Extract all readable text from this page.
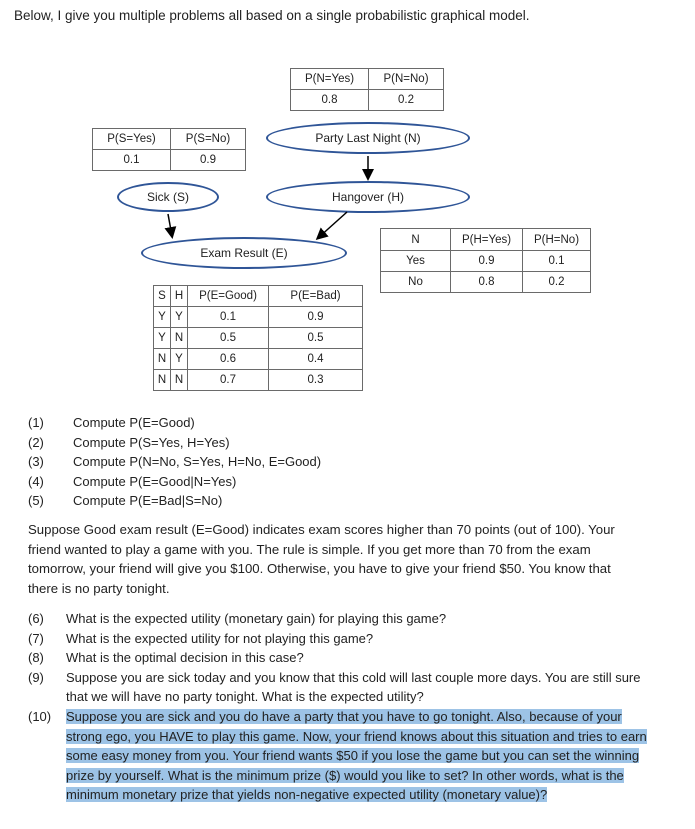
Below, I give you multiple problems all based on a single probabilistic graphical model.
P(N=Yes)	P(N=No)
0.8	0.2
P(S=Yes)	P(S=No)
0.1	0.9
Party Last Night (N)
Sick (S)	Hangover (H)
Exam Result (E)
N	P(H=Yes)	P(H=No)
Yes	0.9	0.1
No	0.8	0.2
S	H	P(E=Good)	P(E=Bad)
Y	Y	0.1	0.9
Y	N	0.5	0.5
N	Y	0.6	0.4
N	N	0.7	0.3
(1) Compute P(E=Good)
(2) Compute P(S=Yes, H=Yes)
(3) Compute P(N=No, S=Yes, H=No, E=Good)
(4) Compute P(E=Good|N=Yes)
(5) Compute P(E=Bad|S=No)
Suppose Good exam result (E=Good) indicates exam scores higher than 70 points (out of 100). Your friend wanted to play a game with you. The rule is simple. If you get more than 70 from the exam tomorrow, your friend will give you $100. Otherwise, you have to give your friend $50. You know that there is no party tonight.
(6) What is the expected utility (monetary gain) for playing this game?
(7) What is the expected utility for not playing this game?
(8) What is the optimal decision in this case?
(9) Suppose you are sick today and you know that this cold will last couple more days. You are still sure that we will have no party tonight. What is the expected utility?
(10) Suppose you are sick and you do have a party that you have to go tonight. Also, because of your strong ego, you HAVE to play this game. Now, your friend knows about this situation and tries to earn some easy money from you. Your friend wants $50 if you lose the game but you can set the winning prize by yourself. What is the minimum prize ($) would you like to set? In other words, what is the minimum monetary prize that yields non-negative expected utility (monetary value)?
